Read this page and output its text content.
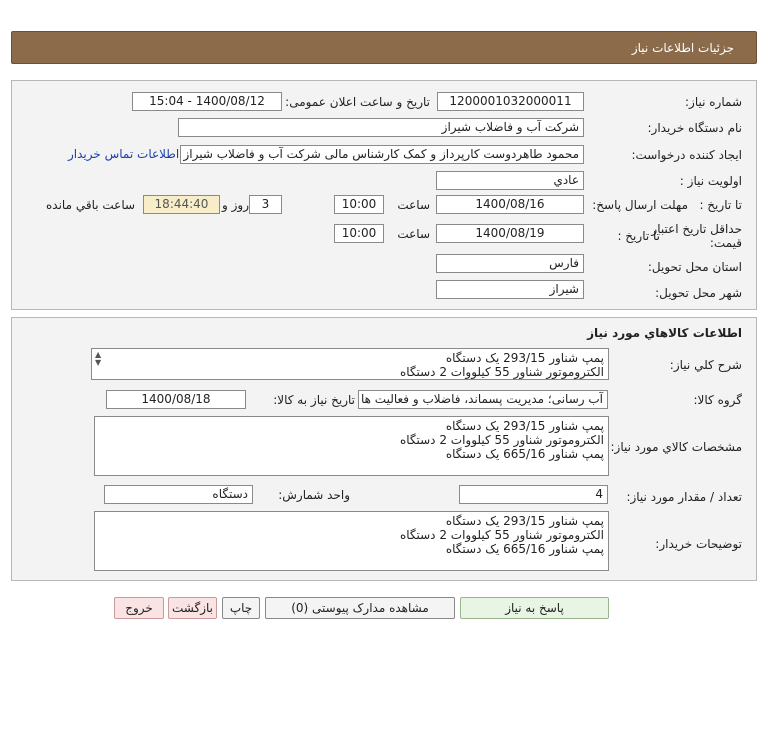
جزئیات اطلاعات نیاز
شماره نیاز:
1200001032000011
تاریخ و ساعت اعلان عمومی:
1400/08/12 - 15:04
نام دستگاه خریدار:
شرکت آب و فاضلاب شیراز
ایجاد کننده درخواست:
محمود طاهردوست کارپرداز و کمک کارشناس مالی شرکت آب و فاضلاب شیراز
اطلاعات تماس خریدار
اولویت نیاز :
عادي
مهلت ارسال پاسخ: تا تاریخ :
1400/08/16
ساعت
10:00
3
روز و
18:44:40
ساعت باقي مانده
حداقل تاریخ اعتبار
قیمت:
تا تاریخ :
1400/08/19
ساعت
10:00
استان محل تحویل:
فارس
شهر محل تحویل:
شیراز
اطلاعات کالاهاي مورد نياز
شرح کلي نياز:
▲
▼	پمپ شناور 293/15 یک دستگاه
الکتروموتور شناور 55 کیلووات 2 دستگاه
گروه کالا:
آب رسانی؛ مدیریت پسماند، فاضلاب و فعالیت ها
تاریخ نیاز به کالا:
1400/08/18
مشخصات کالاي مورد نياز:
پمپ شناور 293/15 یک دستگاه
الکتروموتور شناور 55 کیلووات 2 دستگاه
پمپ شناور 665/16 یک دستگاه
تعداد / مقدار مورد نیاز:
4
واحد شمارش:
دستگاه
توضیحات خریدار:
پمپ شناور 293/15 یک دستگاه
الکتروموتور شناور 55 کیلووات 2 دستگاه
پمپ شناور 665/16 یک دستگاه
پاسخ به نیاز
مشاهده مدارک پیوستی (0)
چاپ
بازگشت
خروج
